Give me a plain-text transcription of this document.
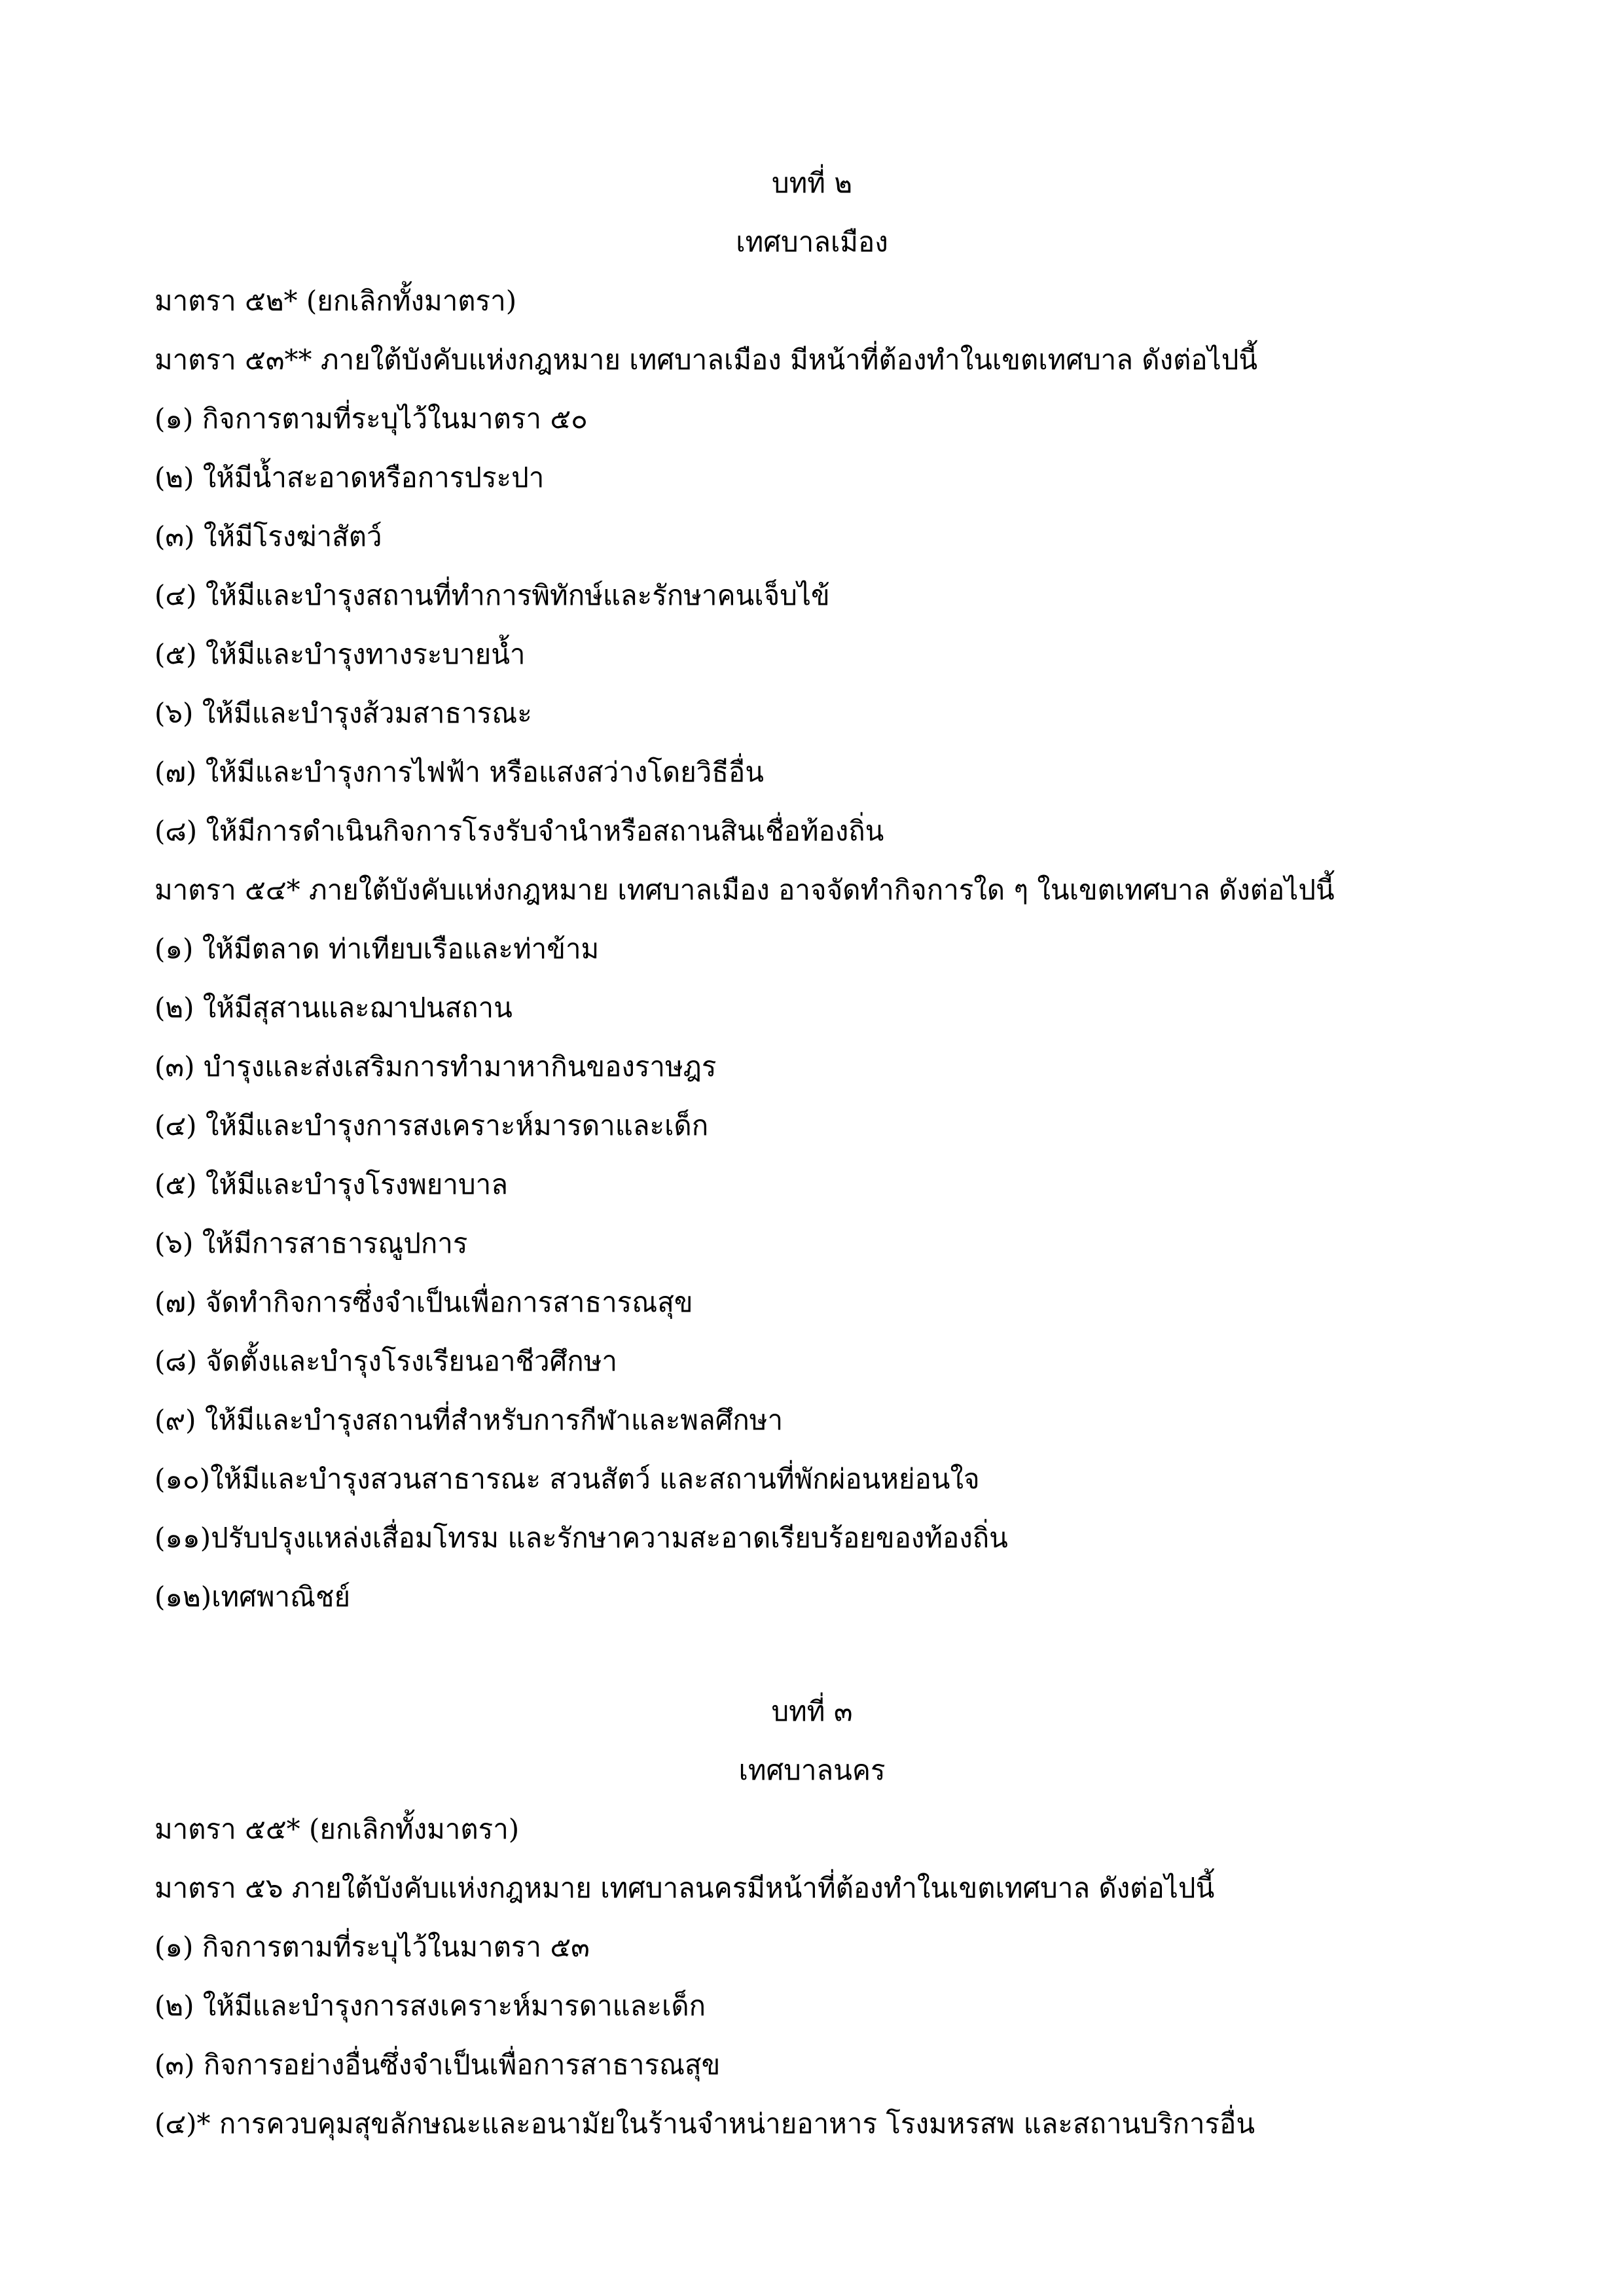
บทที่ ๒
เทศบาลเมือง
มาตรา ๕๒* (ยกเลิกทั้งมาตรา)
มาตรา ๕๓** ภายใต้บังคับแห่งกฎหมาย เทศบาลเมือง มีหน้าที่ต้องทำในเขตเทศบาล ดังต่อไปนี้
(๑) กิจการตามที่ระบุไว้ในมาตรา ๕๐
(๒) ให้มีน้ำสะอาดหรือการประปา
(๓) ให้มีโรงฆ่าสัตว์
(๔) ให้มีและบำรุงสถานที่ทำการพิทักษ์และรักษาคนเจ็บไข้
(๕) ให้มีและบำรุงทางระบายน้ำ
(๖) ให้มีและบำรุงส้วมสาธารณะ
(๗) ให้มีและบำรุงการไฟฟ้า หรือแสงสว่างโดยวิธีอื่น
(๘) ให้มีการดำเนินกิจการโรงรับจำนำหรือสถานสินเชื่อท้องถิ่น
มาตรา ๕๔* ภายใต้บังคับแห่งกฎหมาย เทศบาลเมือง อาจจัดทำกิจการใด ๆ ในเขตเทศบาล ดังต่อไปนี้
(๑) ให้มีตลาด ท่าเทียบเรือและท่าข้าม
(๒) ให้มีสุสานและฌาปนสถาน
(๓) บำรุงและส่งเสริมการทำมาหากินของราษฎร
(๔) ให้มีและบำรุงการสงเคราะห์มารดาและเด็ก
(๕) ให้มีและบำรุงโรงพยาบาล
(๖) ให้มีการสาธารณูปการ
(๗) จัดทำกิจการซึ่งจำเป็นเพื่อการสาธารณสุข
(๘) จัดตั้งและบำรุงโรงเรียนอาชีวศึกษา
(๙) ให้มีและบำรุงสถานที่สำหรับการกีฬาและพลศึกษา
(๑๐)ให้มีและบำรุงสวนสาธารณะ สวนสัตว์ และสถานที่พักผ่อนหย่อนใจ
(๑๑)ปรับปรุงแหล่งเสื่อมโทรม และรักษาความสะอาดเรียบร้อยของท้องถิ่น
(๑๒)เทศพาณิชย์
บทที่ ๓
เทศบาลนคร
มาตรา ๕๕* (ยกเลิกทั้งมาตรา)
มาตรา ๕๖ ภายใต้บังคับแห่งกฎหมาย เทศบาลนครมีหน้าที่ต้องทำในเขตเทศบาล ดังต่อไปนี้
(๑) กิจการตามที่ระบุไว้ในมาตรา ๕๓
(๒) ให้มีและบำรุงการสงเคราะห์มารดาและเด็ก
(๓) กิจการอย่างอื่นซึ่งจำเป็นเพื่อการสาธารณสุข
(๔)* การควบคุมสุขลักษณะและอนามัยในร้านจำหน่ายอาหาร โรงมหรสพ และสถานบริการอื่น
